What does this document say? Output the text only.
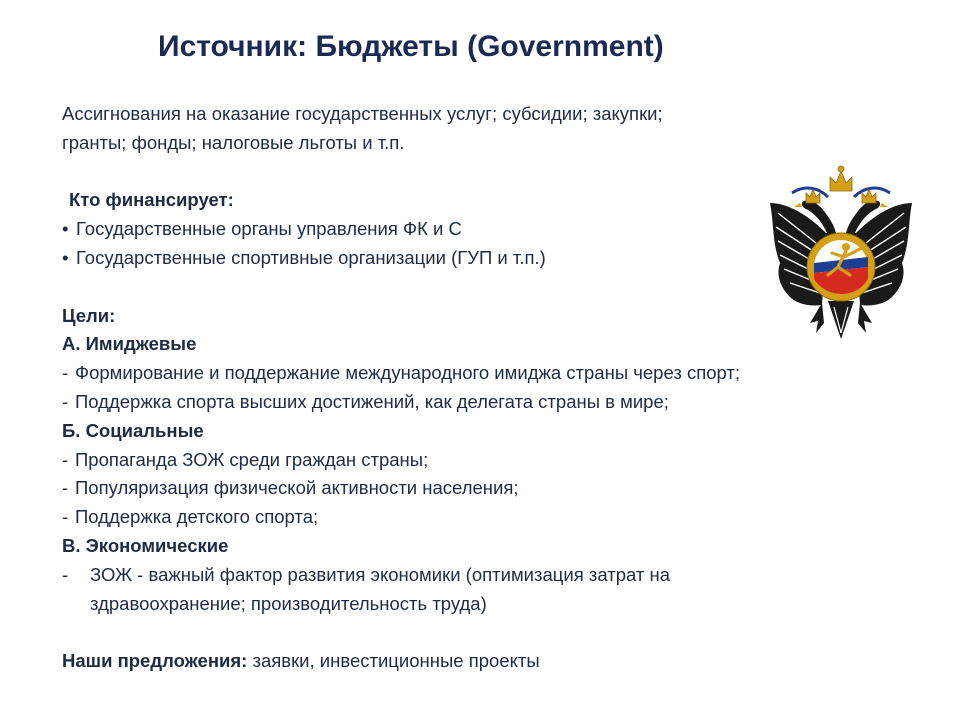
Источник: Бюджеты (Government)
Ассигнования на оказание государственных услуг; субсидии; закупки;
гранты; фонды; налоговые льготы и т.п.
Кто финансирует:
• Государственные органы управления ФК и С
• Государственные спортивные организации (ГУП и т.п.)
Цели:
А. Имиджевые
- Формирование и поддержание международного имиджа страны через спорт;
- Поддержка спорта высших достижений, как делегата страны в мире;
Б. Социальные
- Пропаганда ЗОЖ среди граждан страны;
- Популяризация физической активности населения;
- Поддержка детского спорта;
В. Экономические
- ЗОЖ - важный фактор развития экономики (оптимизация затрат на
здравоохранение; производительность труда)
Наши предложения: заявки, инвестиционные проекты
